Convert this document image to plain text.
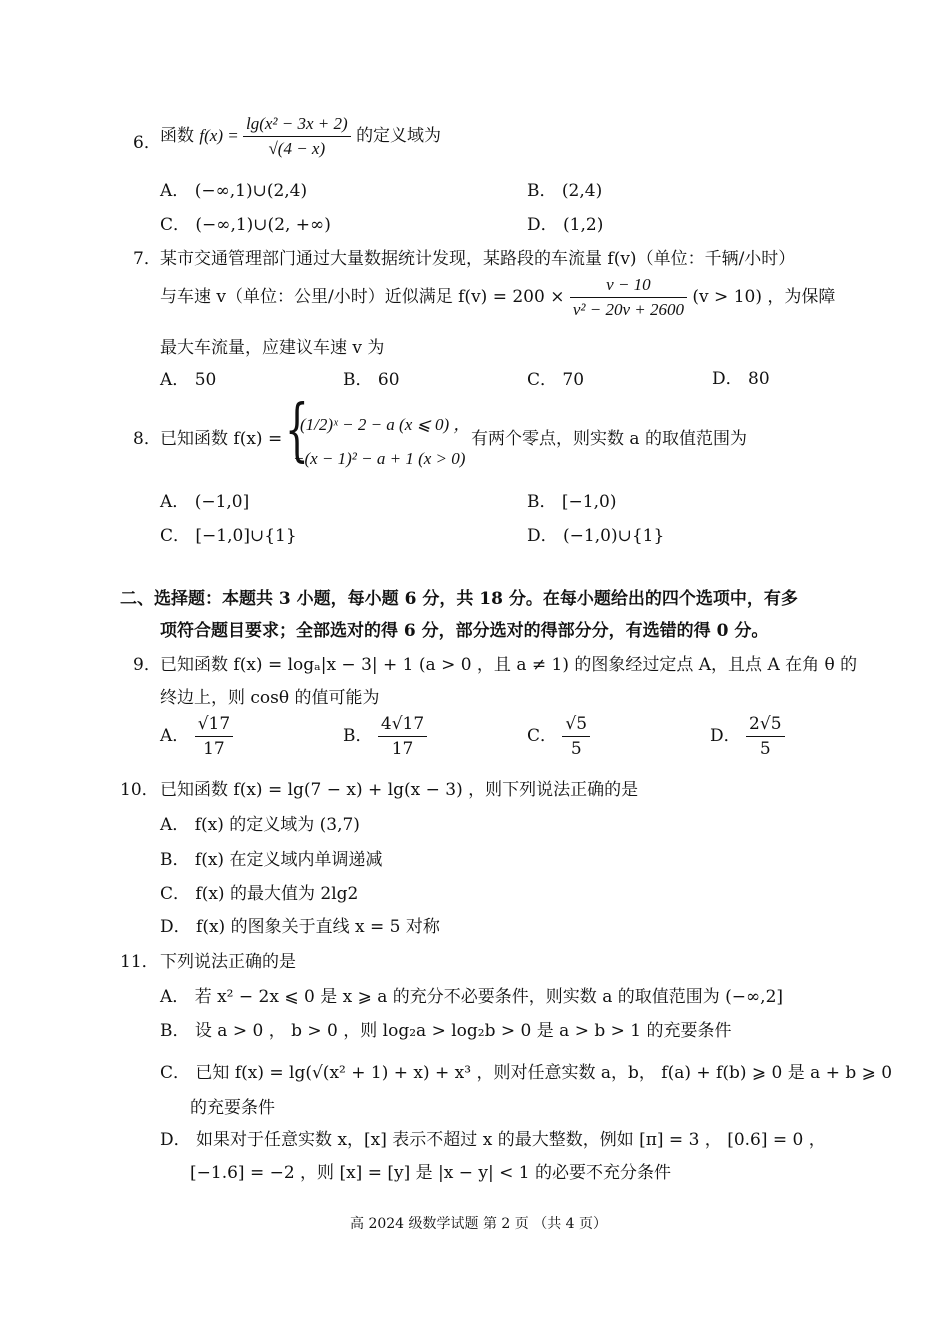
6． 函数 $f(x) = \frac{\text{lg(x² − 3x + 2)}}{√(4 - x)}$ 的定义域为
A． (−∞,1)∪(2,4)	B． (2,4)
C． (−∞,1)∪(2, +∞)	D． (1,2)
7． 某市交通管理部门通过大量数据统计发现，某路段的车流量 f(v)（单位：千辆/小时）
与车速 v（单位：公里/小时）近似满足 $f(v) = 200 \times \frac{v - 10}{\text{v² − 20v + 2600}} (v > 10)$ ，为保障
最大车流量，应建议车速 v 为
A． 50	B． 60	C． 70	D． 80
8． 已知函数 f(x) = {
(1/2)ˣ − 2 − a (x ⩽ 0) ，
−(x − 1)² − a + 1 (x > 0)
有两个零点，则实数 a 的取值范围为
A． (−1,0]	B． [−1,0)
C． [−1,0]∪{1}	D． (−1,0)∪{1}
二、选择题：本题共 3 小题，每小题 6 分，共 18 分。在每小题给出的四个选项中，有多
项符合题目要求；全部选对的得 6 分，部分选对的得部分分，有选错的得 0 分。
9． 已知函数 f(x) = logₐ|x − 3| + 1 (a > 0 ，且 a ≠ 1) 的图象经过定点 A，且点 A 在角 θ 的
终边上，则 cosθ 的值可能为
A． $\frac{√17}{17}$	B． $\frac{4√17}{17}$	C． $\frac{√5}{5}$	D． $\frac{2√5}{5}$
10． 已知函数 f(x) = lg(7 − x) + lg(x − 3) ，则下列说法正确的是
A． f(x) 的定义域为 (3,7)
B． f(x) 在定义域内单调递减
C． f(x) 的最大值为 2lg2
D． f(x) 的图象关于直线 x = 5 对称
11． 下列说法正确的是
A． 若 x² − 2x ⩽ 0 是 x ⩾ a 的充分不必要条件，则实数 a 的取值范围为 (−∞,2]
B． 设 a > 0 ， b > 0 ，则 log₂a > log₂b > 0 是 a > b > 1 的充要条件
C． 已知 f(x) = lg(√(x² + 1) + x) + x³ ，则对任意实数 a，b， f(a) + f(b) ⩾ 0 是 a + b ⩾ 0
的充要条件
D． 如果对于任意实数 x，[x] 表示不超过 x 的最大整数，例如 [π] = 3 ， [0.6] = 0 ，
[−1.6] = −2 ，则 [x] = [y] 是 |x − y| < 1 的必要不充分条件
高 2024 级数学试题 第 2 页 （共 4 页）
